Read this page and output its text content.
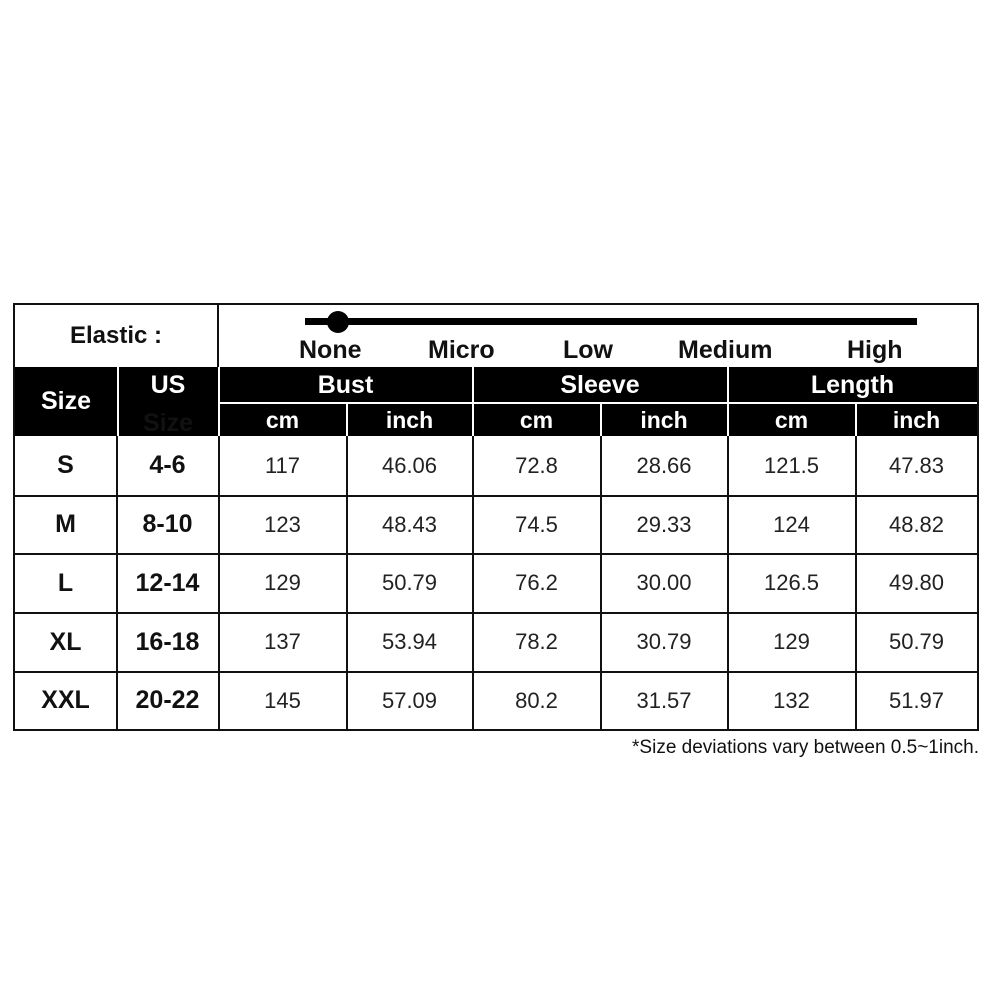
Elastic :
None	Micro	Low	Medium	High
Size
US
Size
Bust	Sleeve	Length
cm	inch	cm	inch	cm	inch
S	4-6	117	46.06	72.8	28.66	121.5	47.83
M	8-10	123	48.43	74.5	29.33	124	48.82
L	12-14	129	50.79	76.2	30.00	126.5	49.80
XL	16-18	137	53.94	78.2	30.79	129	50.79
XXL	20-22	145	57.09	80.2	31.57	132	51.97
*Size deviations vary between 0.5~1inch.
